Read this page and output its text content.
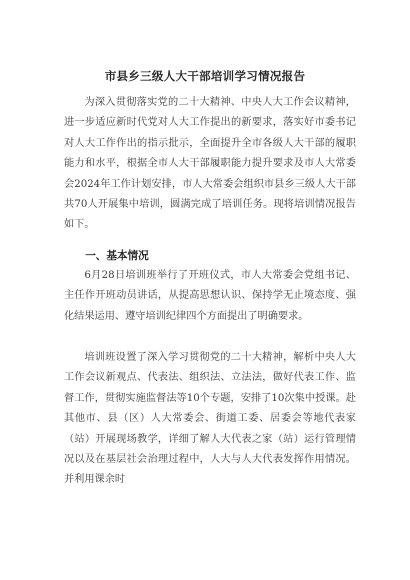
市县乡三级人大干部培训学习情况报告
为深入贯彻落实党的二十大精神、中央人大工作会议精神，进一步适应新时代党对人大工作提出的新要求，落实好市委书记对人大工作作出的指示批示，全面提升全市各级人大干部的履职能力和水平，根据全市人大干部履职能力提升要求及市人大常委会2024年工作计划安排，市人大常委会组织市县乡三级人大干部共70人开展集中培训，圆满完成了培训任务。现将培训情况报告如下。
一、基本情况
6月28日培训班举行了开班仪式，市人大常委会党组书记、主任作开班动员讲话，从提高思想认识、保持学无止境态度、强化结果运用、遵守培训纪律四个方面提出了明确要求。
培训班设置了深入学习贯彻党的二十大精神，解析中央人大工作会议新观点、代表法、组织法、立法法，做好代表工作、监督工作，贯彻实施监督法等10个专题，安排了10次集中授课。赴其他市、县（区）人大常委会、街道工委、居委会等地代表家（站）开展现场教学，详细了解人大代表之家（站）运行管理情况以及在基层社会治理过程中，人大与人大代表发挥作用情况。并利用课余时
